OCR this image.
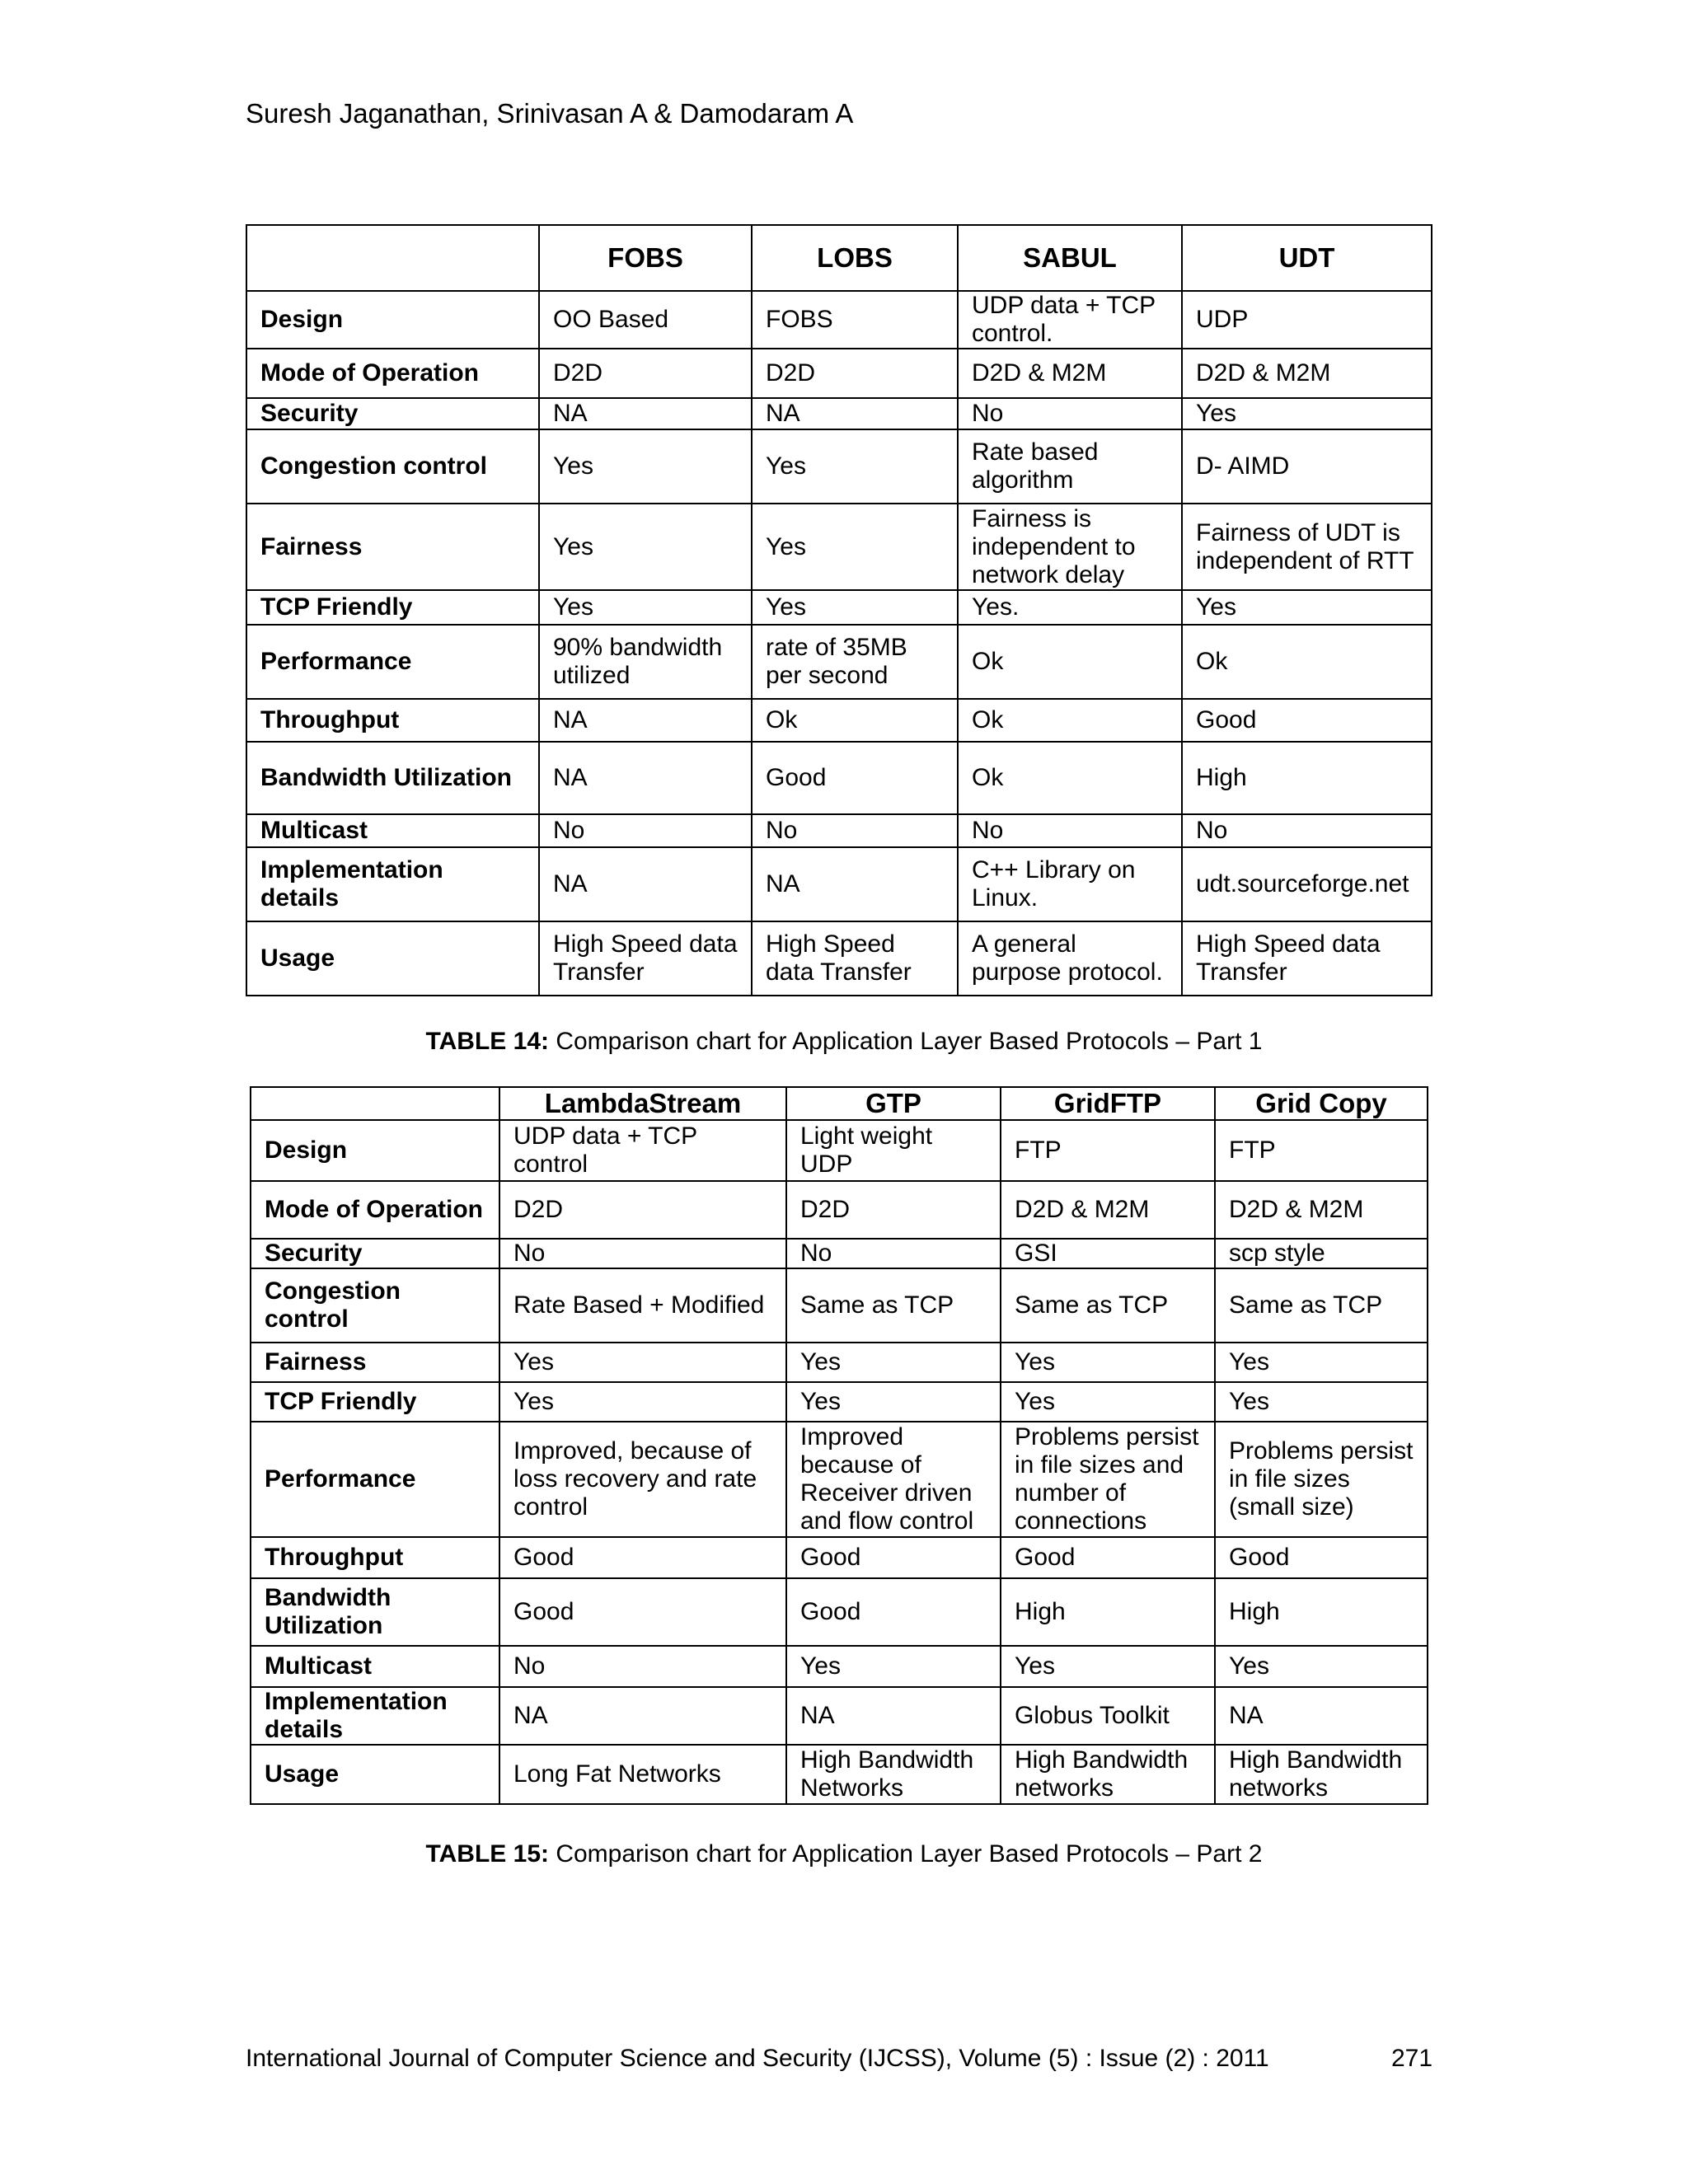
Suresh Jaganathan, Srinivasan A & Damodaram A
	FOBS	LOBS	SABUL	UDT
Design	OO Based	FOBS	UDP data + TCP control.	UDP
Mode of Operation	D2D	D2D	D2D & M2M	D2D & M2M
Security	NA	NA	No	Yes
Congestion control	Yes	Yes	Rate based algorithm	D- AIMD
Fairness	Yes	Yes	Fairness is independent to network delay	Fairness of UDT is independent of RTT
TCP Friendly	Yes	Yes	Yes.	Yes
Performance	90% bandwidth utilized	rate of 35MB per second	Ok	Ok
Throughput	NA	Ok	Ok	Good
Bandwidth Utilization	NA	Good	Ok	High
Multicast	No	No	No	No
Implementation details	NA	NA	C++ Library on Linux.	udt.sourceforge.net
Usage	High Speed data Transfer	High Speed data Transfer	A general purpose protocol.	High Speed data Transfer
TABLE 14: Comparison chart for Application Layer Based Protocols – Part 1
	LambdaStream	GTP	GridFTP	Grid Copy
Design	UDP data + TCP control	Light weight UDP	FTP	FTP
Mode of Operation	D2D	D2D	D2D & M2M	D2D & M2M
Security	No	No	GSI	scp style
Congestion control	Rate Based + Modified	Same as TCP	Same as TCP	Same as TCP
Fairness	Yes	Yes	Yes	Yes
TCP Friendly	Yes	Yes	Yes	Yes
Performance	Improved, because of loss recovery and rate control	Improved because of Receiver driven and flow control	Problems persist in file sizes and number of connections	Problems persist in file sizes (small size)
Throughput	Good	Good	Good	Good
Bandwidth Utilization	Good	Good	High	High
Multicast	No	Yes	Yes	Yes
Implementation details	NA	NA	Globus Toolkit	NA
Usage	Long Fat Networks	High Bandwidth Networks	High Bandwidth networks	High Bandwidth networks
TABLE 15: Comparison chart for Application Layer Based Protocols – Part 2
International Journal of Computer Science and Security (IJCSS), Volume (5) : Issue (2) : 2011	271
